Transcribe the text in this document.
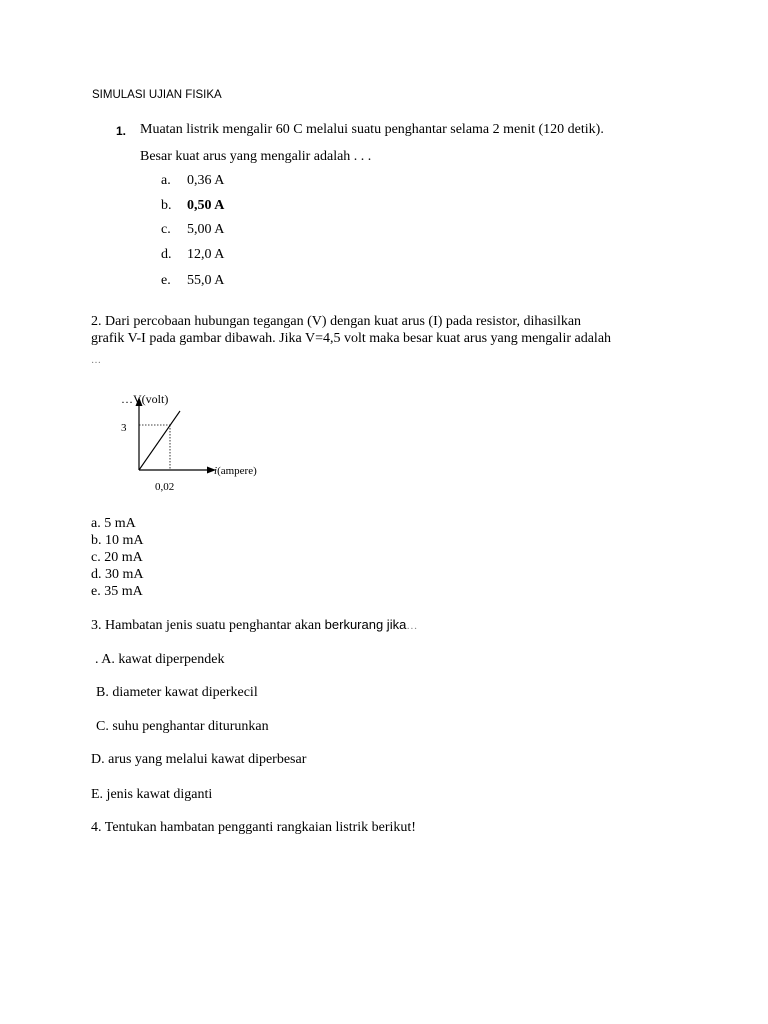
SIMULASI UJIAN FISIKA
1. Muatan listrik mengalir 60 C melalui suatu penghantar selama 2 menit (120 detik).
Besar kuat arus yang mengalir adalah . . .
a. 0,36 A
b. 0,50 A
c. 5,00 A
d. 12,0 A
e. 55,0 A
2. Dari percobaan hubungan tegangan (V) dengan kuat arus (I) pada resistor, dihasilkan
grafik V-I pada gambar dibawah. Jika V=4,5 volt maka besar kuat arus yang mengalir adalah
…
…V(volt)
3
0,02
i(ampere)
a. 5 mA
b. 10 mA
c. 20 mA
d. 30 mA
e. 35 mA
3. Hambatan jenis suatu penghantar akan berkurang jika…
. A. kawat diperpendek
B. diameter kawat diperkecil
C. suhu penghantar diturunkan
D. arus yang melalui kawat diperbesar
E. jenis kawat diganti
4. Tentukan hambatan pengganti rangkaian listrik berikut!
